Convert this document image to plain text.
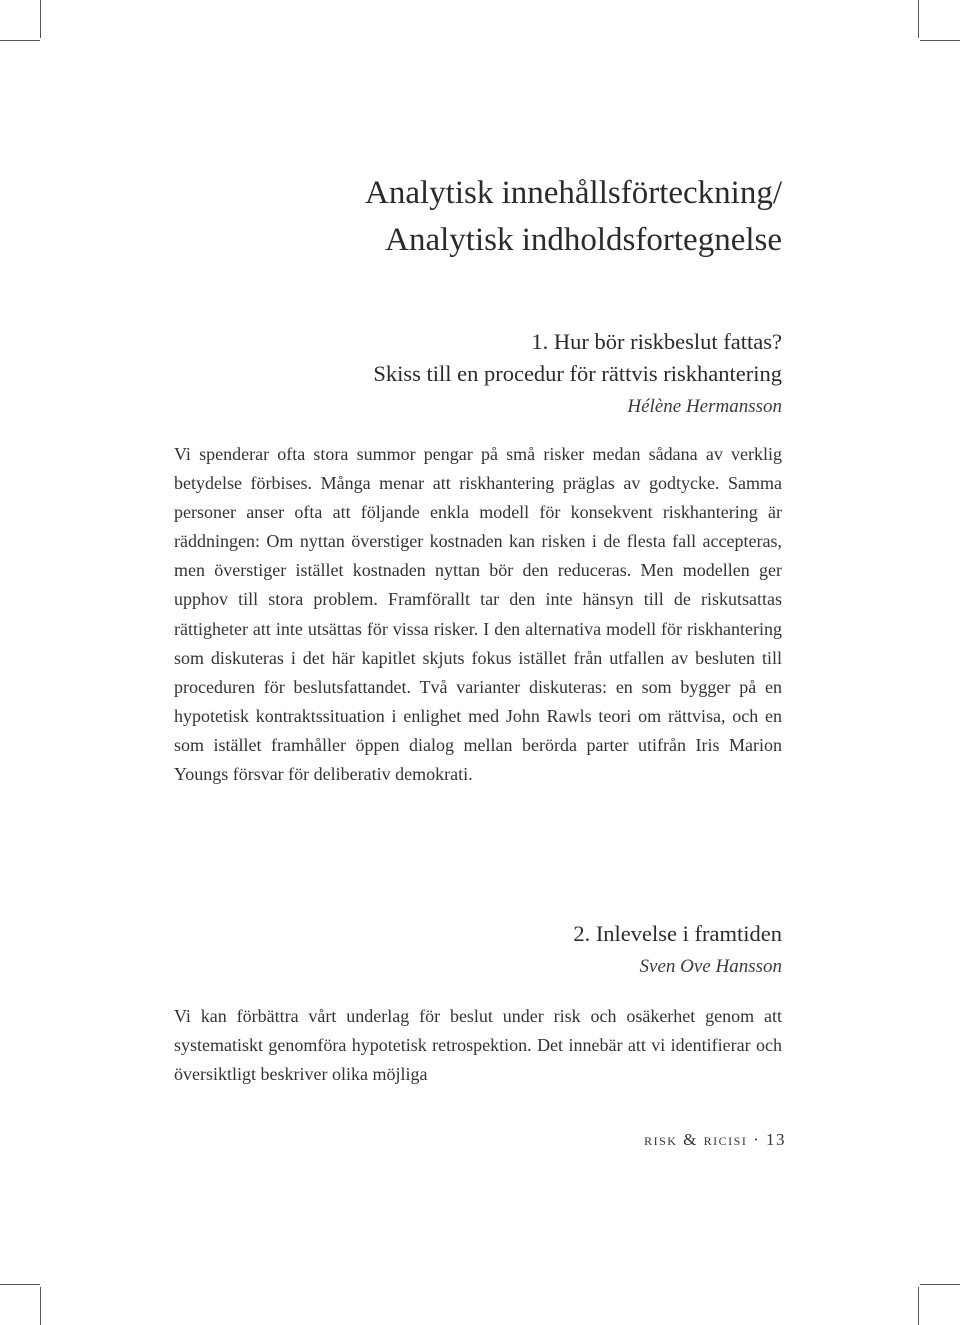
Analytisk innehållsförteckning/
Analytisk indholdsfortegnelse
1. Hur bör riskbeslut fattas?
Skiss till en procedur för rättvis riskhantering
Hélène Hermansson

Vi spenderar ofta stora summor pengar på små risker medan sådana av verklig betydelse förbises. Många menar att riskhantering präglas av godtycke. Samma personer anser ofta att följande enkla modell för konsekvent riskhantering är räddningen: Om nyttan överstiger kostnaden kan risken i de flesta fall accepteras, men överstiger istället kostnaden nyttan bör den reduceras. Men modellen ger upphov till stora problem. Framförallt tar den inte hänsyn till de riskutsattas rättigheter att inte utsättas för vissa risker. I den alternativa modell för riskhantering som diskuteras i det här kapitlet skjuts fokus istället från utfallen av besluten till proceduren för beslutsfattandet. Två varianter diskuteras: en som bygger på en hypotetisk kontraktssituation i enlighet med John Rawls teori om rättvisa, och en som istället framhåller öppen dialog mellan berörda parter utifrån Iris Marion Youngs försvar för deliberativ demokrati.

2. Inlevelse i framtiden
Sven Ove Hansson

Vi kan förbättra vårt underlag för beslut under risk och osäkerhet genom att systematiskt genomföra hypotetisk retrospektion. Det innebär att vi identifierar och översiktligt beskriver olika möjliga

risk & ricisi · 13
